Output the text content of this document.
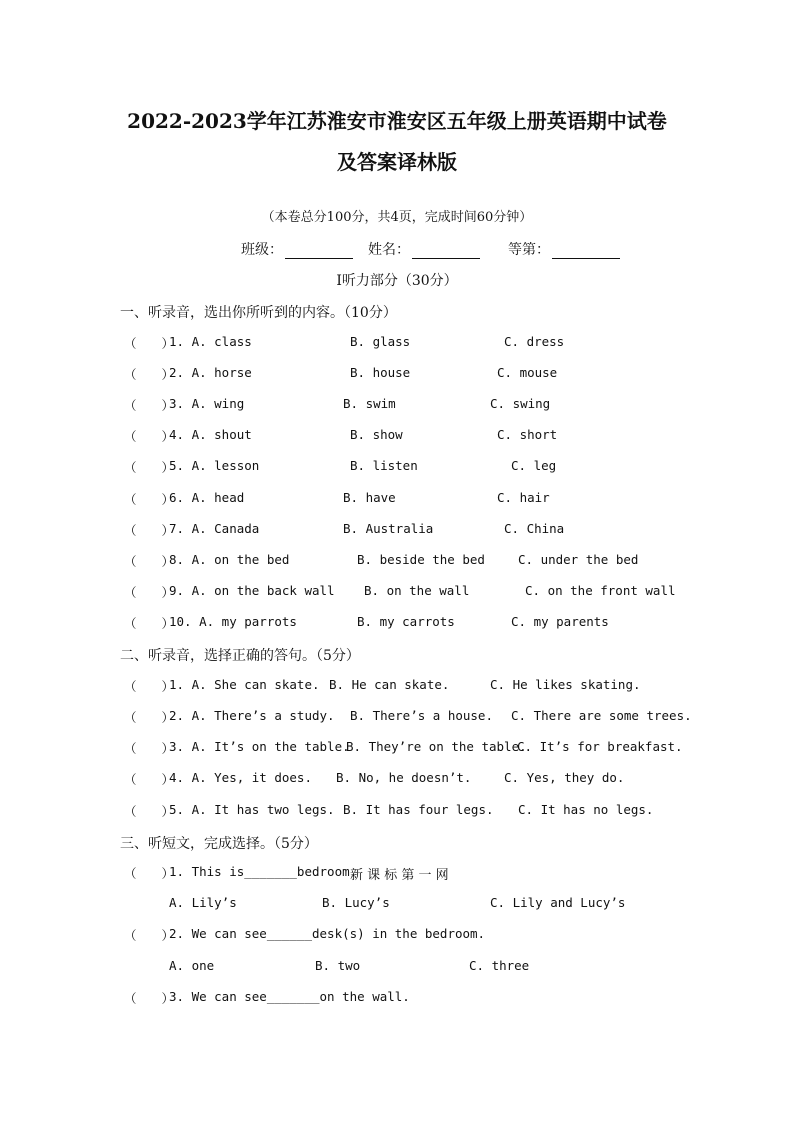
2022-2023学年江苏淮安市淮安区五年级上册英语期中试卷
及答案译林版
（本卷总分100分，共4页，完成时间60分钟）
班级：	姓名：	等第：
I听力部分（30分）
一、听录音，选出你所听到的内容。（10分）
（　　）
1. A. class	B. glass	C. dress
（　　）
2. A. horse	B. house	C. mouse
（　　）
3. A. wing	B. swim	C. swing
（　　）
4. A. shout	B. show	C. short
（　　）
5. A. lesson	B. listen	C. leg
（　　）
6. A. head	B. have	C. hair
（　　）
7. A. Canada	B. Australia	C. China
（　　）
8. A. on the bed	B. beside the bed	C. under the bed
（　　）
9. A. on the back wall B. on the wall	C. on the front wall
（　　）
10. A. my parrots	B. my carrots	C. my parents
二、听录音，选择正确的答句。（5分）
（　　）
1. A. She can skate. B. He can skate.	C. He likes skating.
（　　）
2. A. There’s a study. B. There’s a house. C. There are some trees.
（　　）
3. A. It’s on the table.
B. They’re on the table.
C. It’s for breakfast.
（　　）
4. A. Yes, it does. B. No, he doesn’t.	C. Yes, they do.
（　　）
5. A. It has two legs. B. It has four legs. C. It has no legs.
三、听短文，完成选择。（5分）
（　　）
1. This is_______bedroom.
新 课 标 第 一 网
A. Lily’s	B. Lucy’s	C. Lily and Lucy’s
（　　）
2. We can see______desk(s) in the bedroom.
A. one	B. two	C. three
（　　）
3. We can see_______on the wall.
